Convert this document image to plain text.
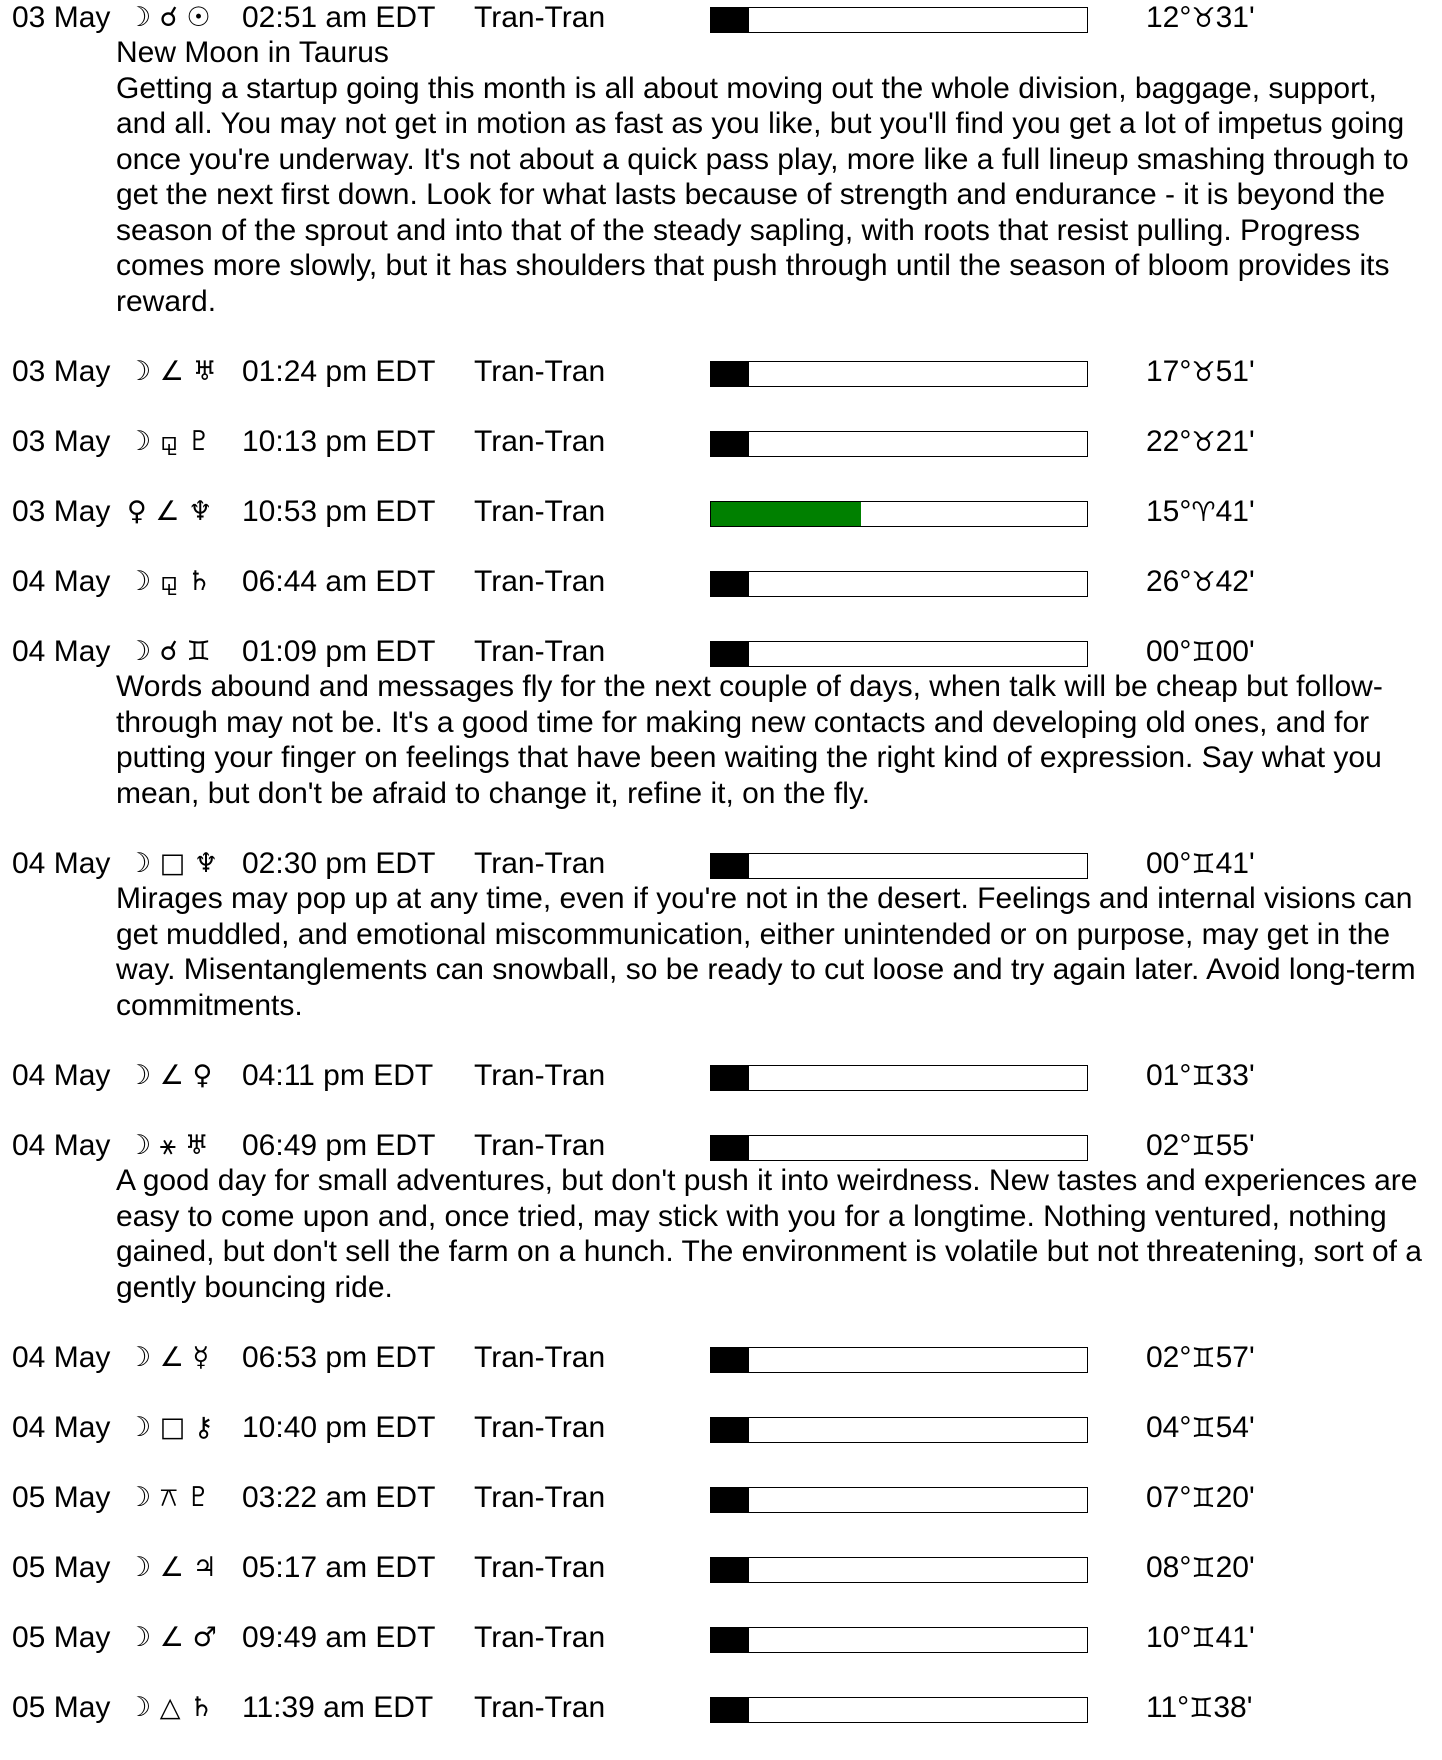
03 May ☽ ☌ ☉ 02:51 am EDT Tran-Tran	12°♉31'

New Moon in Taurus

Getting a startup going this month is all about moving out the whole division, baggage, support, and all. You may not get in motion as fast as you like, but you'll find you get a lot of impetus going once you're underway. It's not about a quick pass play, more like a full lineup smashing through to get the next first down. Look for what lasts because of strength and endurance - it is beyond the season of the sprout and into that of the steady sapling, with roots that resist pulling. Progress comes more slowly, but it has shoulders that push through until the season of bloom provides its reward.

03 May ☽ ∠ ♅ 01:24 pm EDT Tran-Tran	17°♉51'
03 May ☽ ⚼ ♇ 10:13 pm EDT Tran-Tran	22°♉21'
03 May ♀ ∠ ♆ 10:53 pm EDT Tran-Tran	15°♈41'
04 May ☽ ⚼ ♄ 06:44 am EDT Tran-Tran	26°♉42'
04 May ☽ ☌ ♊ 01:09 pm EDT Tran-Tran	00°♊00'

Words abound and messages fly for the next couple of days, when talk will be cheap but follow-through may not be. It's a good time for making new contacts and developing old ones, and for putting your finger on feelings that have been waiting the right kind of expression. Say what you mean, but don't be afraid to change it, refine it, on the fly.

04 May ☽ □ ♆ 02:30 pm EDT Tran-Tran	00°♊41'

Mirages may pop up at any time, even if you're not in the desert. Feelings and internal visions can get muddled, and emotional miscommunication, either unintended or on purpose, may get in the way. Misentanglements can snowball, so be ready to cut loose and try again later. Avoid long-term commitments.

04 May ☽ ∠ ♀ 04:11 pm EDT Tran-Tran	01°♊33'
04 May ☽ ⚹ ♅ 06:49 pm EDT Tran-Tran	02°♊55'

A good day for small adventures, but don't push it into weirdness. New tastes and experiences are easy to come upon and, once tried, may stick with you for a longtime. Nothing ventured, nothing gained, but don't sell the farm on a hunch. The environment is volatile but not threatening, sort of a gently bouncing ride.

04 May ☽ ∠ ☿ 06:53 pm EDT Tran-Tran	02°♊57'
04 May ☽ □ ⚷ 10:40 pm EDT Tran-Tran	04°♊54'
05 May ☽ ⚻ ♇ 03:22 am EDT Tran-Tran	07°♊20'
05 May ☽ ∠ ♃ 05:17 am EDT Tran-Tran	08°♊20'
05 May ☽ ∠ ♂ 09:49 am EDT Tran-Tran	10°♊41'
05 May ☽ △ ♄ 11:39 am EDT Tran-Tran	11°♊38'
